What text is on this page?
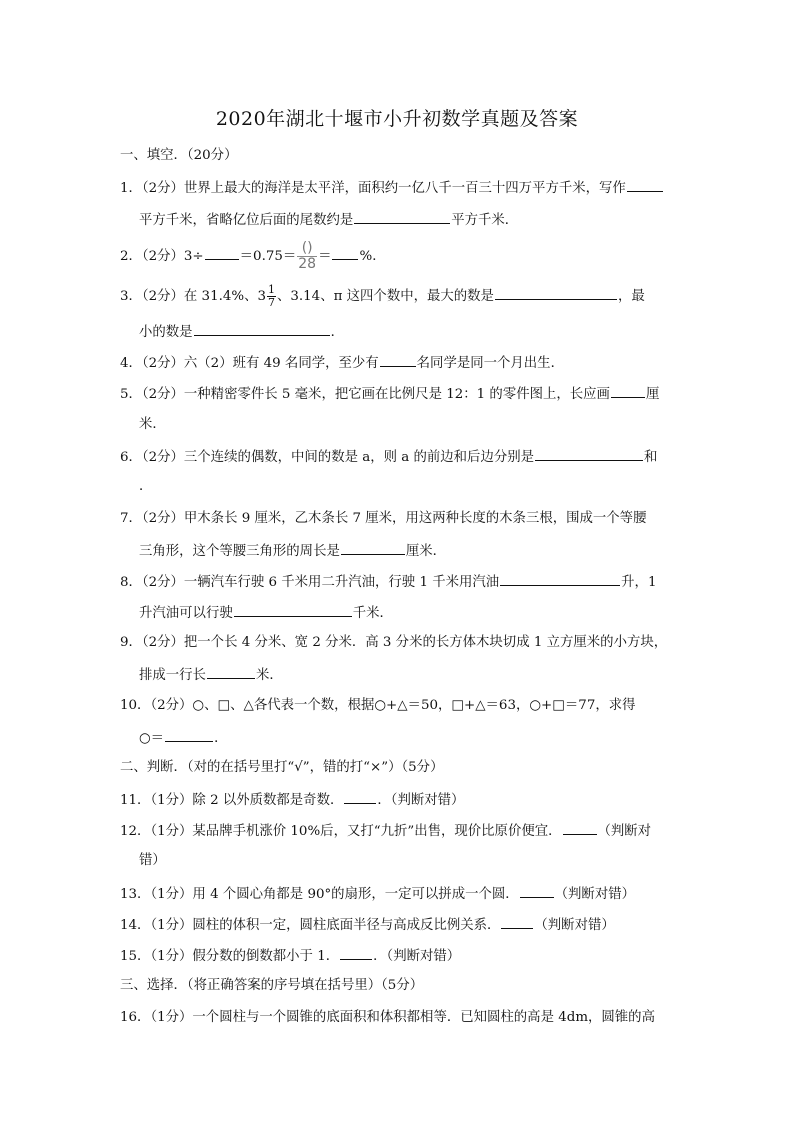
2020年湖北十堰市小升初数学真题及答案
一、填空．（20分）
1．（2分）世界上最大的海洋是太平洋，面积约一亿八千一百三十四万平方千米，写作
平方千米，省略亿位后面的尾数约是	平方千米．
2．（2分）3÷	$=0.75= \frac{()}{28}$ ＝ %．
3．（2分）在 31.4%、$3 \frac{1}{7}$ 、3.14、π 这四个数中，最大的数是	，最
小的数是	．
4．（2分）六（2）班有 49 名同学，至少有	名同学是同一个月出生．
5．（2分）一种精密零件长 5 毫米，把它画在比例尺是 12：1 的零件图上，长应画	厘
米．
6．（2分）三个连续的偶数，中间的数是 a，则 a 的前边和后边分别是	和
．
7．（2分）甲木条长 9 厘米，乙木条长 7 厘米，用这两种长度的木条三根，围成一个等腰
三角形，这个等腰三角形的周长是	厘米．
8．（2分）一辆汽车行驶 6 千米用二升汽油，行驶 1 千米用汽油	升，1
升汽油可以行驶	千米．
9．（2分）把一个长 4 分米、宽 2 分米．高 3 分米的长方体木块切成 1 立方厘米的小方块，
排成一行长	米．
10．（2分）○、□、△各代表一个数，根据○+△＝50，□+△＝63，○+□＝77，求得
○＝	．
二、判断．（对的在括号里打“√”，错的打“×”）（5分）
11．（1分）除 2 以外质数都是奇数．	．（判断对错）
12．（1分）某品牌手机涨价 10%后，又打“九折”出售，现价比原价便宜．	（判断对
错）
13．（1分）用 4 个圆心角都是 90°的扇形，一定可以拼成一个圆．	（判断对错）
14．（1分）圆柱的体积一定，圆柱底面半径与高成反比例关系．	（判断对错）
15．（1分）假分数的倒数都小于 1．	．（判断对错）
三、选择．（将正确答案的序号填在括号里）（5分）
16．（1分）一个圆柱与一个圆锥的底面积和体积都相等．已知圆柱的高是 4dm，圆锥的高
